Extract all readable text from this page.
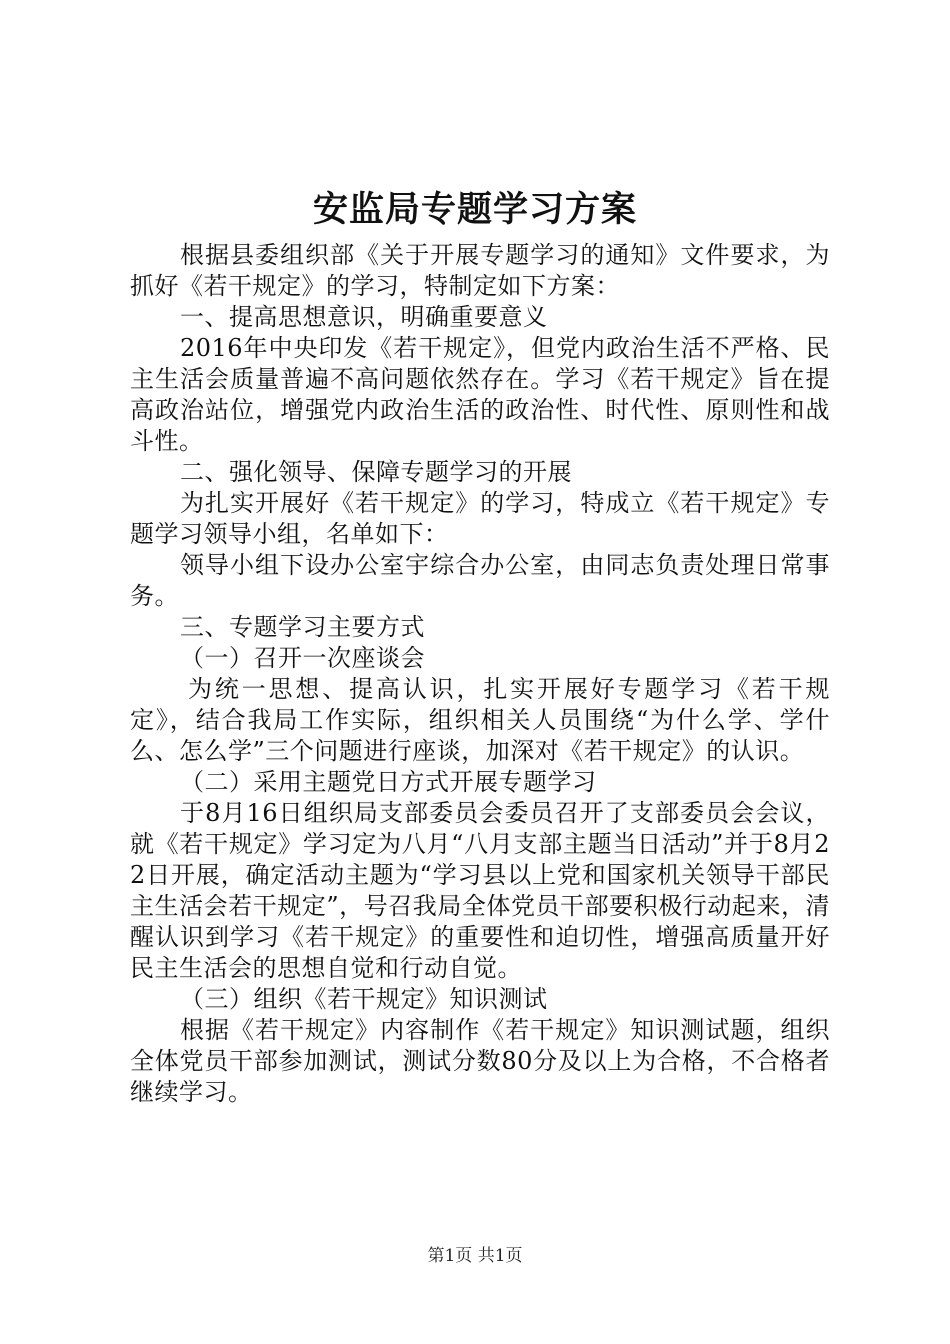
安监局专题学习方案

根据县委组织部《关于开展专题学习的通知》文件要求，为抓好《若干规定》的学习，特制定如下方案：

一、提高思想意识，明确重要意义

2016年中央印发《若干规定》，但党内政治生活不严格、民主生活会质量普遍不高问题依然存在。学习《若干规定》旨在提高政治站位，增强党内政治生活的政治性、时代性、原则性和战斗性。

二、强化领导、保障专题学习的开展

为扎实开展好《若干规定》的学习，特成立《若干规定》专题学习领导小组，名单如下：

领导小组下设办公室宇综合办公室，由同志负责处理日常事务。

三、专题学习主要方式

（一）召开一次座谈会

为统一思想、提高认识，扎实开展好专题学习《若干规定》，结合我局工作实际，组织相关人员围绕“为什么学、学什么、怎么学”三个问题进行座谈，加深对《若干规定》的认识。

（二）采用主题党日方式开展专题学习

于8月16日组织局支部委员会委员召开了支部委员会会议，就《若干规定》学习定为八月“八月支部主题当日活动”并于8月22日开展，确定活动主题为“学习县以上党和国家机关领导干部民主生活会若干规定”，号召我局全体党员干部要积极行动起来，清醒认识到学习《若干规定》的重要性和迫切性，增强高质量开好民主生活会的思想自觉和行动自觉。

（三）组织《若干规定》知识测试

根据《若干规定》内容制作《若干规定》知识测试题，组织全体党员干部参加测试，测试分数80分及以上为合格，不合格者继续学习。

第1页 共1页
